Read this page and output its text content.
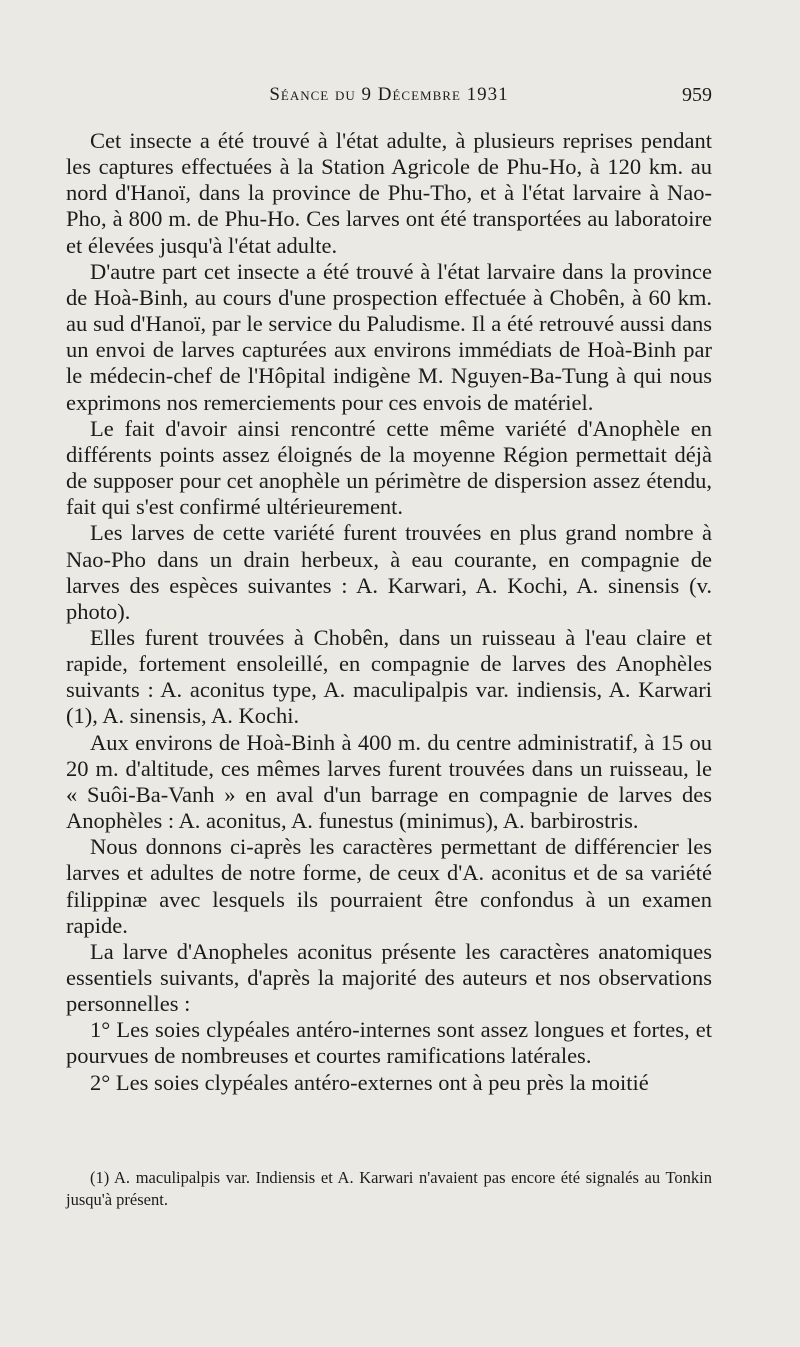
Séance du 9 Décembre 1931	959

Cet insecte a été trouvé à l'état adulte, à plusieurs reprises pendant les captures effectuées à la Station Agricole de Phu-Ho, à 120 km. au nord d'Hanoï, dans la province de Phu-Tho, et à l'état larvaire à Nao-Pho, à 800 m. de Phu-Ho. Ces larves ont été transportées au laboratoire et élevées jusqu'à l'état adulte.

D'autre part cet insecte a été trouvé à l'état larvaire dans la province de Hoà-Binh, au cours d'une prospection effectuée à Chobên, à 60 km. au sud d'Hanoï, par le service du Paludisme. Il a été retrouvé aussi dans un envoi de larves capturées aux environs immédiats de Hoà-Binh par le médecin-chef de l'Hôpital indigène M. Nguyen-Ba-Tung à qui nous exprimons nos remerciements pour ces envois de matériel.

Le fait d'avoir ainsi rencontré cette même variété d'Anophèle en différents points assez éloignés de la moyenne Région permettait déjà de supposer pour cet anophèle un périmètre de dispersion assez étendu, fait qui s'est confirmé ultérieurement.

Les larves de cette variété furent trouvées en plus grand nombre à Nao-Pho dans un drain herbeux, à eau courante, en compagnie de larves des espèces suivantes : A. Karwari, A. Kochi, A. sinensis (v. photo).

Elles furent trouvées à Chobên, dans un ruisseau à l'eau claire et rapide, fortement ensoleillé, en compagnie de larves des Anophèles suivants : A. aconitus type, A. maculipalpis var. indiensis, A. Karwari (1), A. sinensis, A. Kochi.

Aux environs de Hoà-Binh à 400 m. du centre administratif, à 15 ou 20 m. d'altitude, ces mêmes larves furent trouvées dans un ruisseau, le « Suôi-Ba-Vanh » en aval d'un barrage en compagnie de larves des Anophèles : A. aconitus, A. funestus (minimus), A. barbirostris.

Nous donnons ci-après les caractères permettant de différencier les larves et adultes de notre forme, de ceux d'A. aconitus et de sa variété filippinæ avec lesquels ils pourraient être confondus à un examen rapide.

La larve d'Anopheles aconitus présente les caractères anatomiques essentiels suivants, d'après la majorité des auteurs et nos observations personnelles :

1° Les soies clypéales antéro-internes sont assez longues et fortes, et pourvues de nombreuses et courtes ramifications latérales.

2° Les soies clypéales antéro-externes ont à peu près la moitié

(1) A. maculipalpis var. Indiensis et A. Karwari n'avaient pas encore été signalés au Tonkin jusqu'à présent.
